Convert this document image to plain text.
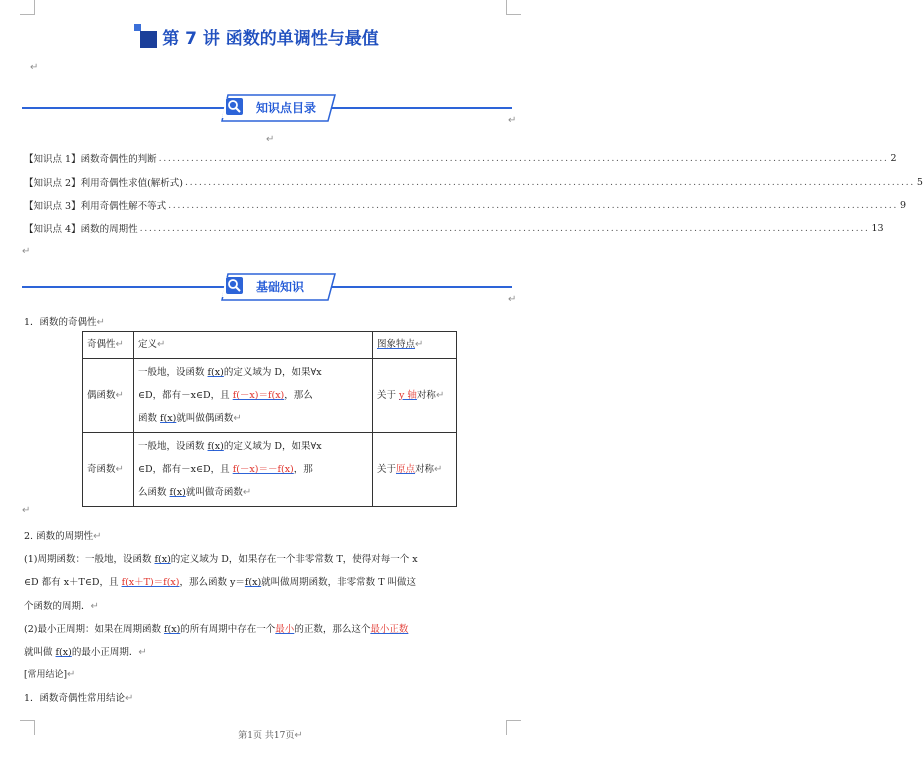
第 7 讲 函数的单调性与最值
↵
知识点目录
↵
↵
【知识点 1】函数奇偶性的判断 .............................................................................................................................................................. 2
【知识点 2】利用奇偶性求值(解析式) .............................................................................................................................................................. 5
【知识点 3】利用奇偶性解不等式 .............................................................................................................................................................. 9
【知识点 4】函数的周期性 .............................................................................................................................................................. 13
↵
基础知识
↵
1．函数的奇偶性↵
奇偶性↵	定义↵	图象特点↵
偶函数↵	一般地，设函数 f(x)的定义域为 D，如果∀x
∈D，都有－x∈D，且 f(－x)＝f(x)，那么
函数 f(x)就叫做偶函数↵	关于 y 轴对称↵
奇函数↵	一般地，设函数 f(x)的定义域为 D，如果∀x
∈D，都有－x∈D，且 f(－x)＝－f(x)，那
么函数 f(x)就叫做奇函数↵	关于原点对称↵
↵
2. 函数的周期性↵
(1)周期函数：一般地，设函数 f(x)的定义域为 D，如果存在一个非零常数 T，使得对每一个 x
∈D 都有 x＋T∈D，且 f(x＋T)＝f(x)，那么函数 y＝f(x)就叫做周期函数，非零常数 T 叫做这
个函数的周期．↵
(2)最小正周期：如果在周期函数 f(x)的所有周期中存在一个最小的正数，那么这个最小正数
就叫做 f(x)的最小正周期．↵
[常用结论]↵
1．函数奇偶性常用结论↵
第1页 共17页↵
